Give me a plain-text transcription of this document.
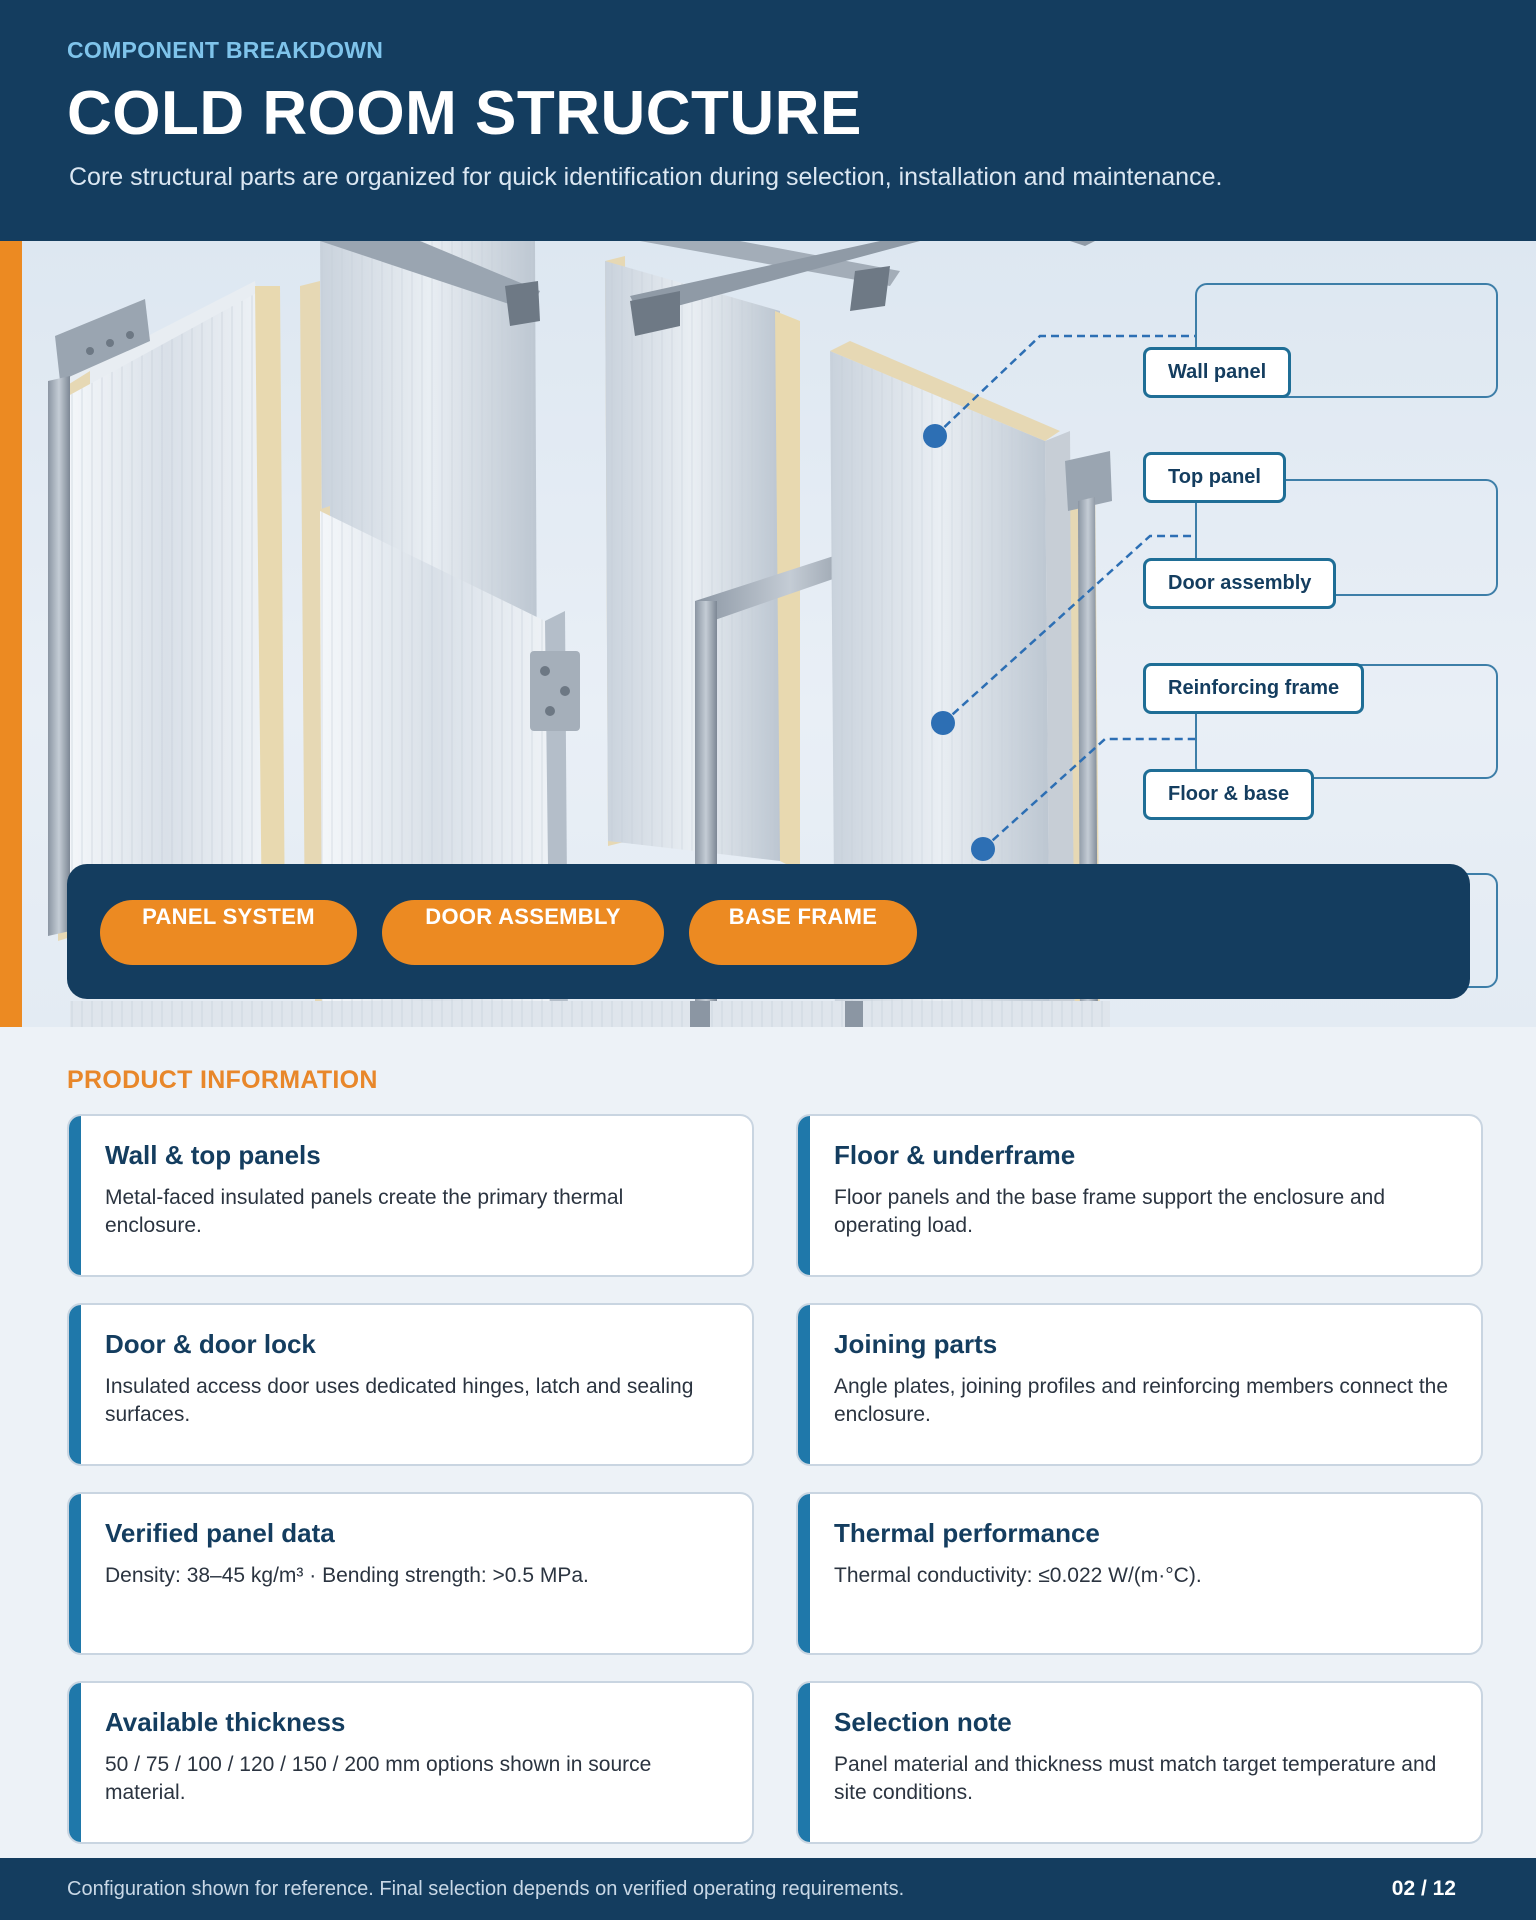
COMPONENT BREAKDOWN
COLD ROOM STRUCTURE
Core structural parts are organized for quick identification during selection, installation and maintenance.
Wall panel
Top panel
Door assembly
Reinforcing frame
Floor & base
PANEL SYSTEM	DOOR ASSEMBLY	BASE FRAME
PRODUCT INFORMATION
Wall & top panels

Metal-faced insulated panels create the primary thermal enclosure.

Floor & underframe

Floor panels and the base frame support the enclosure and operating load.

Door & door lock

Insulated access door uses dedicated hinges, latch and sealing surfaces.

Joining parts

Angle plates, joining profiles and reinforcing members connect the enclosure.

Verified panel data

Density: 38–45 kg/m³ · Bending strength: >0.5 MPa.

Thermal performance

Thermal conductivity: ≤0.022 W/(m·°C).

Available thickness

50 / 75 / 100 / 120 / 150 / 200 mm options shown in source material.

Selection note

Panel material and thickness must match target temperature and site conditions.

Configuration shown for reference. Final selection depends on verified operating requirements.	02 / 12
